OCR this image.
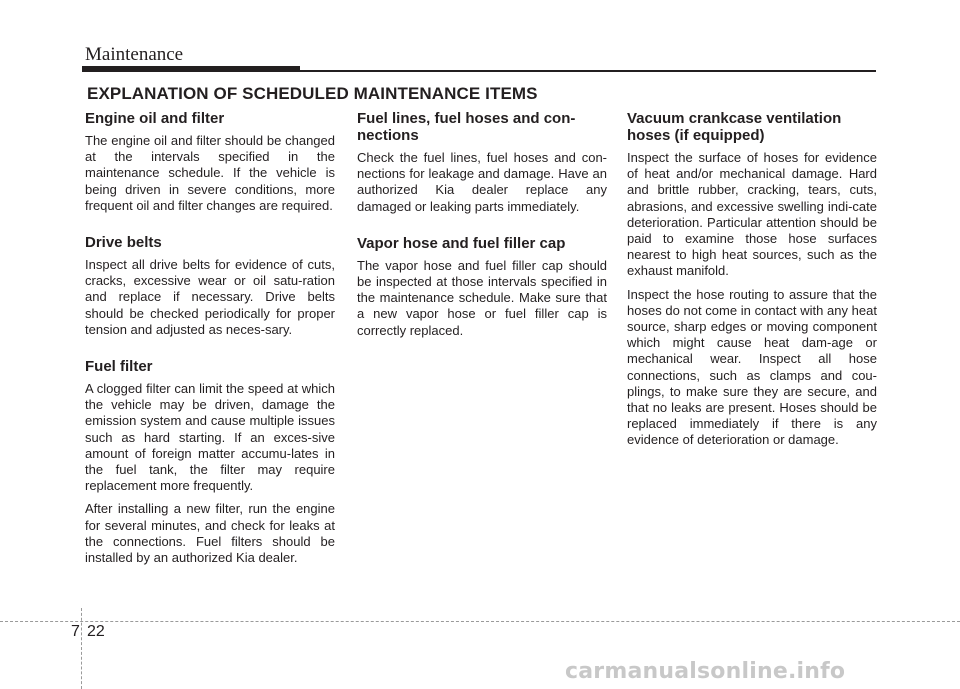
Maintenance
EXPLANATION OF SCHEDULED MAINTENANCE ITEMS
Engine oil and filter

The engine oil and filter should be changed at the intervals specified in the maintenance schedule. If the vehicle is being driven in severe conditions, more frequent oil and filter changes are required.

Drive belts

Inspect all drive belts for evidence of cuts, cracks, excessive wear or oil satu-ration and replace if necessary. Drive belts should be checked periodically for proper tension and adjusted as neces-sary.

Fuel filter

A clogged filter can limit the speed at which the vehicle may be driven, damage the emission system and cause multiple issues such as hard starting. If an exces-sive amount of foreign matter accumu-lates in the fuel tank, the filter may require replacement more frequently.

After installing a new filter, run the engine for several minutes, and check for leaks at the connections. Fuel filters should be installed by an authorized Kia dealer.

Fuel lines, fuel hoses and con-nections

Check the fuel lines, fuel hoses and con-nections for leakage and damage. Have an authorized Kia dealer replace any damaged or leaking parts immediately.

Vapor hose and fuel filler cap

The vapor hose and fuel filler cap should be inspected at those intervals specified in the maintenance schedule. Make sure that a new vapor hose or fuel filler cap is correctly replaced.

Vacuum crankcase ventilation hoses (if equipped)

Inspect the surface of hoses for evidence of heat and/or mechanical damage. Hard and brittle rubber, cracking, tears, cuts, abrasions, and excessive swelling indi-cate deterioration. Particular attention should be paid to examine those hose surfaces nearest to high heat sources, such as the exhaust manifold.

Inspect the hose routing to assure that the hoses do not come in contact with any heat source, sharp edges or moving component which might cause heat dam-age or mechanical wear. Inspect all hose connections, such as clamps and cou-plings, to make sure they are secure, and that no leaks are present. Hoses should be replaced immediately if there is any evidence of deterioration or damage.

7 22
carmanualsonline.info
